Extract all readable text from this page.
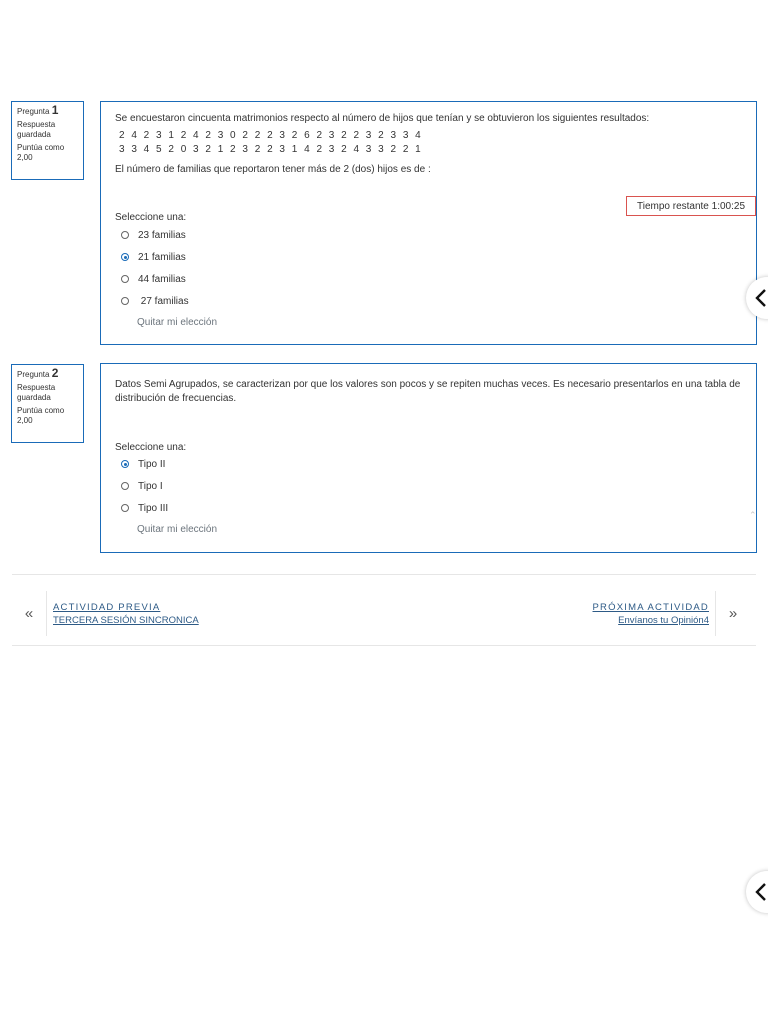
Pregunta 1
Respuesta guardada
Puntúa como 2,00
Se encuestaron cincuenta matrimonios respecto al número de hijos que tenían y se obtuvieron los siguientes resultados:
2 4 2 3 1 2 4 2 3 0 2 2 2 3 2 6 2 3 2 2 3 2 3 3 4
3 3 4 5 2 0 3 2 1 2 3 2 2 3 1 4 2 3 2 4 3 3 2 2 1
El número de familias que reportaron tener más de 2 (dos) hijos es de :
Seleccione una:
23 familias
21 familias
44 familias
27 familias
Quitar mi elección
Tiempo restante 1:00:25
Pregunta 2
Respuesta guardada
Puntúa como 2,00
Datos Semi Agrupados, se caracterizan por que los valores son pocos y se repiten muchas veces. Es necesario presentarlos en una tabla de distribución de frecuencias.
Seleccione una:
Tipo II
Tipo I
Tipo III
Quitar mi elección
⌃
«	ACTIVIDAD PREVIA
TERCERA SESIÓN SINCRONICA
PRÓXIMA ACTIVIDAD
Envíanos tu Opinión4	»
